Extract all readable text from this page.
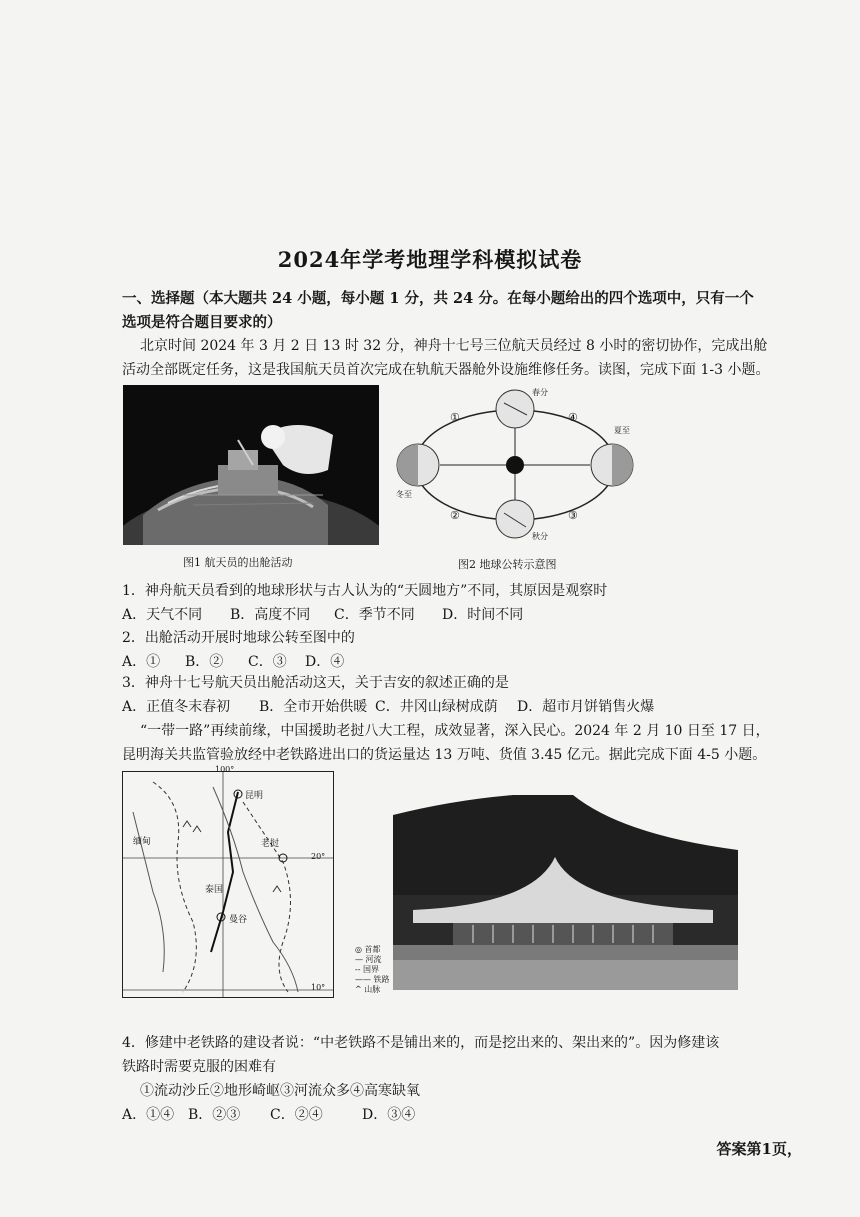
2024年学考地理学科模拟试卷
一、选择题（本大题共 24 小题，每小题 1 分，共 24 分。在每小题给出的四个选项中，只有一个
选项是符合题目要求的）
北京时间 2024 年 3 月 2 日 13 时 32 分，神舟十七号三位航天员经过 8 小时的密切协作，完成出舱
活动全部既定任务，这是我国航天员首次完成在轨航天器舱外设施维修任务。读图，完成下面 1-3 小题。
图1 航天员的出舱活动
春分
夏至
秋分
冬至
①
②	③
④
图2 地球公转示意图
1．神舟航天员看到的地球形状与古人认为的“天圆地方”不同，其原因是观察时
A．天气不同 B．高度不同 C．季节不同 D．时间不同
2．出舱活动开展时地球公转至图中的
A．① B．② C．③ D．④
3．神舟十七号航天员出舱活动这天，关于吉安的叙述正确的是
A．正值冬末春初 B．全市开始供暖 C．井冈山绿树成荫 D．超市月饼销售火爆
“一带一路”再续前缘，中国援助老挝八大工程，成效显著，深入民心。2024 年 2 月 10 日至 17 日，
昆明海关共监管验放经中老铁路进出口的货运量达 13 万吨、货值 3.45 亿元。据此完成下面 4-5 小题。
100°
20°
10°
昆明
老挝
缅甸
泰国
曼谷
◎ 首都
— 河流
-- 国界
—— 铁路
^ 山脉
4．修建中老铁路的建设者说：“中老铁路不是铺出来的，而是挖出来的、架出来的”。因为修建该
铁路时需要克服的困难有
①流动沙丘②地形崎岖③河流众多④高寒缺氧
A．①④ B．②③ C．②④	D．③④
答案第1页，
